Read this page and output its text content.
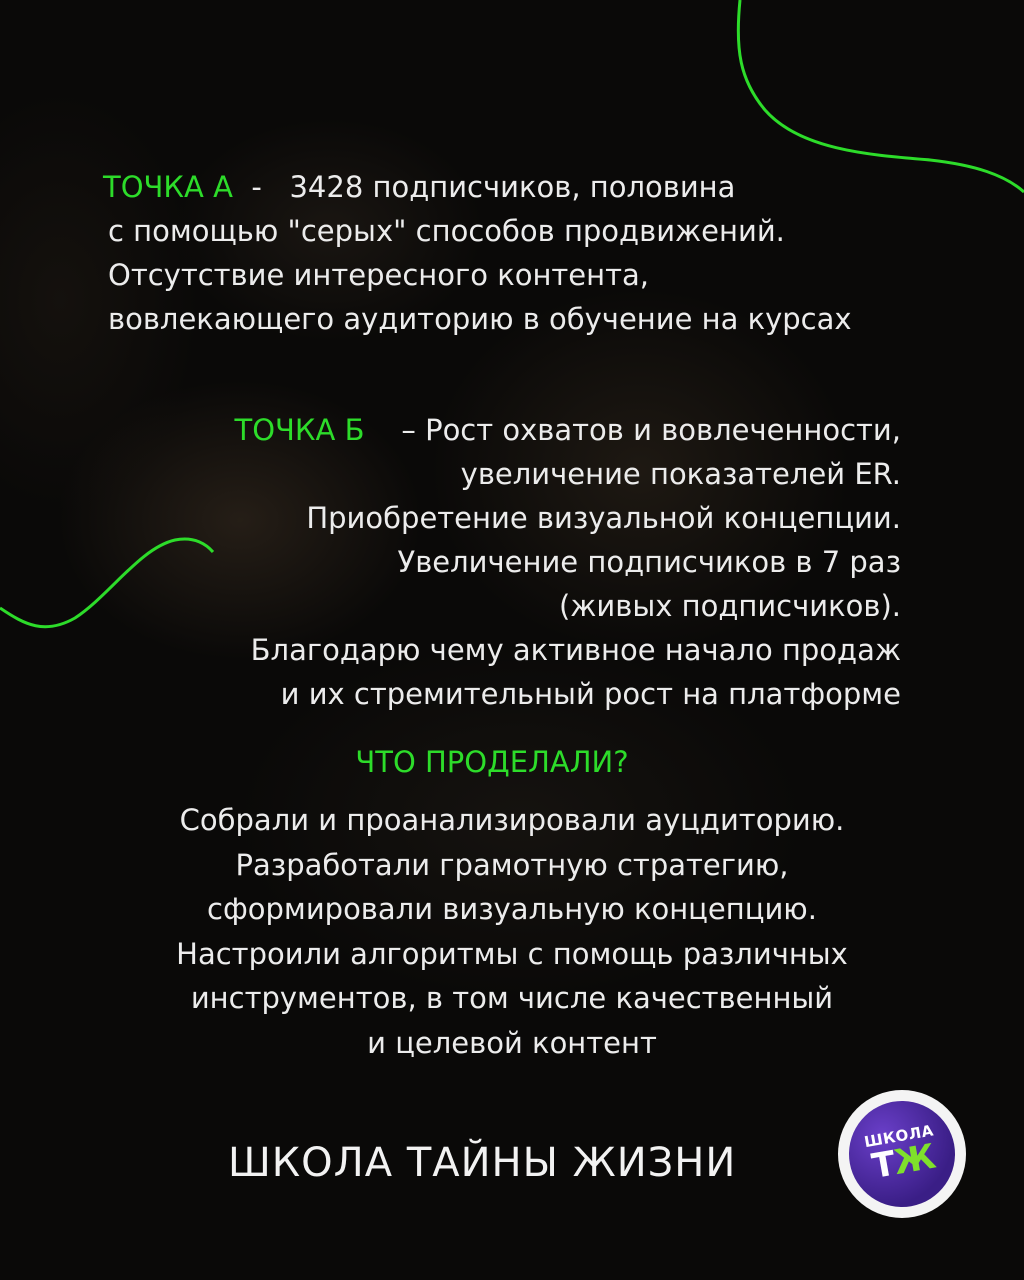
ТОЧКА А - 3428 подписчиков, половина
с помощью "серых" способов продвижений.
Отсутствие интересного контента,
вовлекающего аудиторию в обучение на курсах
ТОЧКА Б – Рост охватов и вовлеченности,
увеличение показателей ER.
Приобретение визуальной концепции.
Увеличение подписчиков в 7 раз
(живых подписчиков).
Благодарю чему активное начало продаж
и их стремительный рост на платформе
ЧТО ПРОДЕЛАЛИ?
Собрали и проанализировали ауцдиторию.
Разработали грамотную стратегию,
сформировали визуальную концепцию.
Настроили алгоритмы с помощь различных
инструментов, в том числе качественный
и целевой контент
ШКОЛА ТАЙНЫ ЖИЗНИ
ШКОЛА
ТЖ
